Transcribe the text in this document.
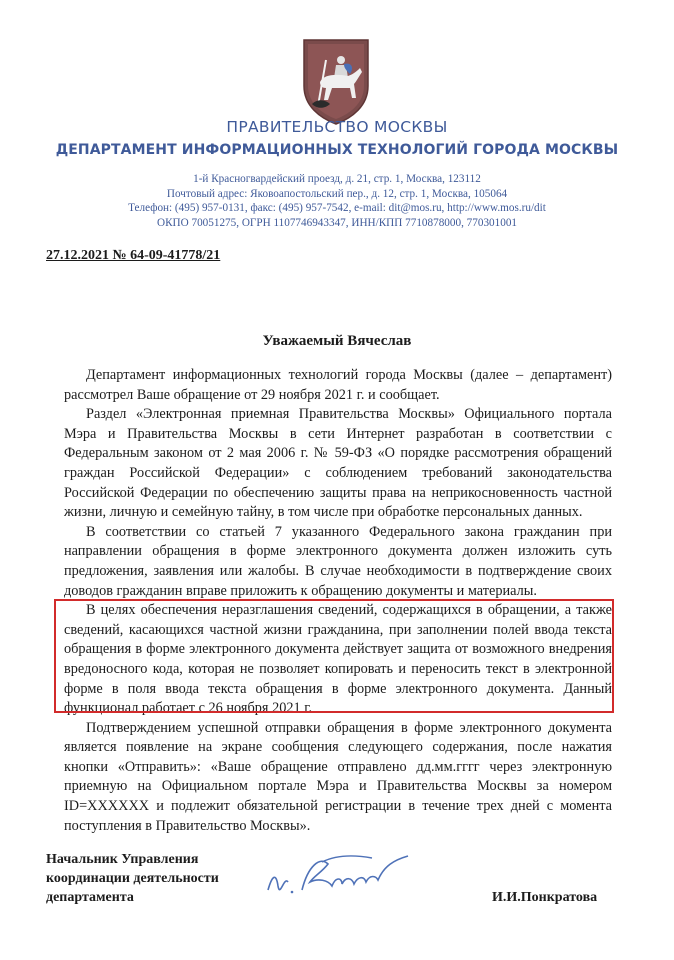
ПРАВИТЕЛЬСТВО МОСКВЫ
ДЕПАРТАМЕНТ ИНФОРМАЦИОННЫХ ТЕХНОЛОГИЙ ГОРОДА МОСКВЫ
1-й Красногвардейский проезд, д. 21, стр. 1, Москва, 123112
Почтовый адрес: Яковоапостольский пер., д. 12, стр. 1, Москва, 105064
Телефон: (495) 957-0131, факс: (495) 957-7542, e-mail: dit@mos.ru, http://www.mos.ru/dit
ОКПО 70051275, ОГРН 1107746943347, ИНН/КПП 7710878000, 770301001
27.12.2021 № 64-09-41778/21
Уважаемый Вячеслав

Департамент информационных технологий города Москвы (далее – департамент) рассмотрел Ваше обращение от 29 ноября 2021 г. и сообщает.

Раздел «Электронная приемная Правительства Москвы» Официального портала Мэра и Правительства Москвы в сети Интернет разработан в соответствии с Федеральным законом от 2 мая 2006 г. № 59-ФЗ «О порядке рассмотрения обращений граждан Российской Федерации» с соблюдением требований законодательства Российской Федерации по обеспечению защиты права на неприкосновенность частной жизни, личную и семейную тайну, в том числе при обработке персональных данных.

В соответствии со статьей 7 указанного Федерального закона гражданин при направлении обращения в форме электронного документа должен изложить суть предложения, заявления или жалобы. В случае необходимости в подтверждение своих доводов гражданин вправе приложить к обращению документы и материалы.

В целях обеспечения неразглашения сведений, содержащихся в обращении, а также сведений, касающихся частной жизни гражданина, при заполнении полей ввода текста обращения в форме электронного документа действует защита от возможного внедрения вредоносного кода, которая не позволяет копировать и переносить текст в электронной форме в поля ввода текста обращения в форме электронного документа. Данный функционал работает с 26 ноября 2021 г.

Подтверждением успешной отправки обращения в форме электронного документа является появление на экране сообщения следующего содержания, после нажатия кнопки «Отправить»: «Ваше обращение отправлено дд.мм.гггг через электронную приемную на Официальном портале Мэра и Правительства Москвы за номером ID=XXXXXX и подлежит обязательной регистрации в течение трех дней с момента поступления в Правительство Москвы».

Начальник Управления
координации деятельности
департамента	И.И.Понкратова
